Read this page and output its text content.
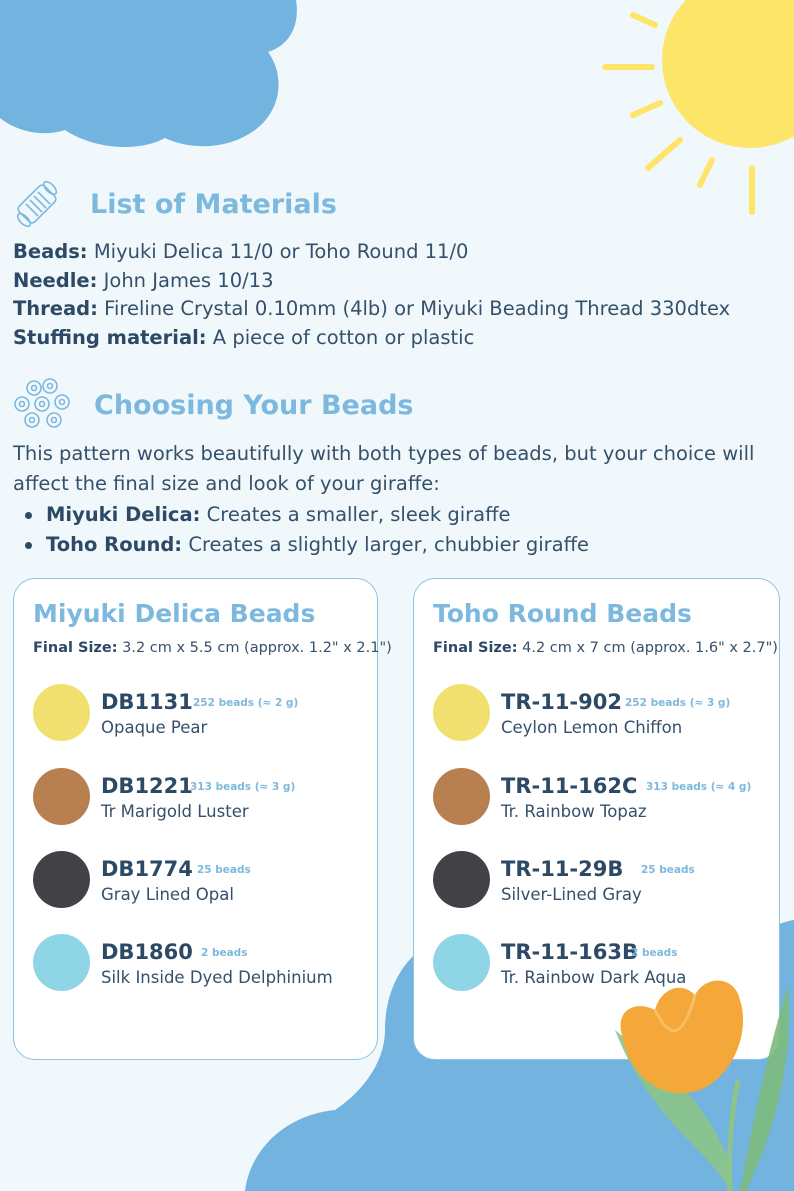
List of Materials
Beads: Miyuki Delica 11/0 or Toho Round 11/0
Needle: John James 10/13
Thread: Fireline Crystal 0.10mm (4lb) or Miyuki Beading Thread 330dtex
Stuffing material: A piece of cotton or plastic
Choosing Your Beads

This pattern works beautifully with both types of beads, but your choice will affect the final size and look of your giraffe:

Miyuki Delica: Creates a smaller, sleek giraffe
Toho Round: Creates a slightly larger, chubbier giraffe
Miyuki Delica Beads
Final Size: 3.2 cm x 5.5 cm (approx. 1.2" x 2.1")
DB1131 252 beads (≈ 2 g)
Opaque Pear
DB1221
313 beads (≈ 3 g)
Tr Marigold Luster
DB1774 25 beads
Gray Lined Opal
DB1860 2 beads
Silk Inside Dyed Delphinium
Toho Round Beads
Final Size: 4.2 cm x 7 cm (approx. 1.6" x 2.7")
TR-11-902 252 beads (≈ 3 g)
Ceylon Lemon Chiffon
TR-11-162C 313 beads (≈ 4 g)
Tr. Rainbow Topaz
TR-11-29B 25 beads
Silver-Lined Gray
TR-11-163B
2 beads
Tr. Rainbow Dark Aqua
